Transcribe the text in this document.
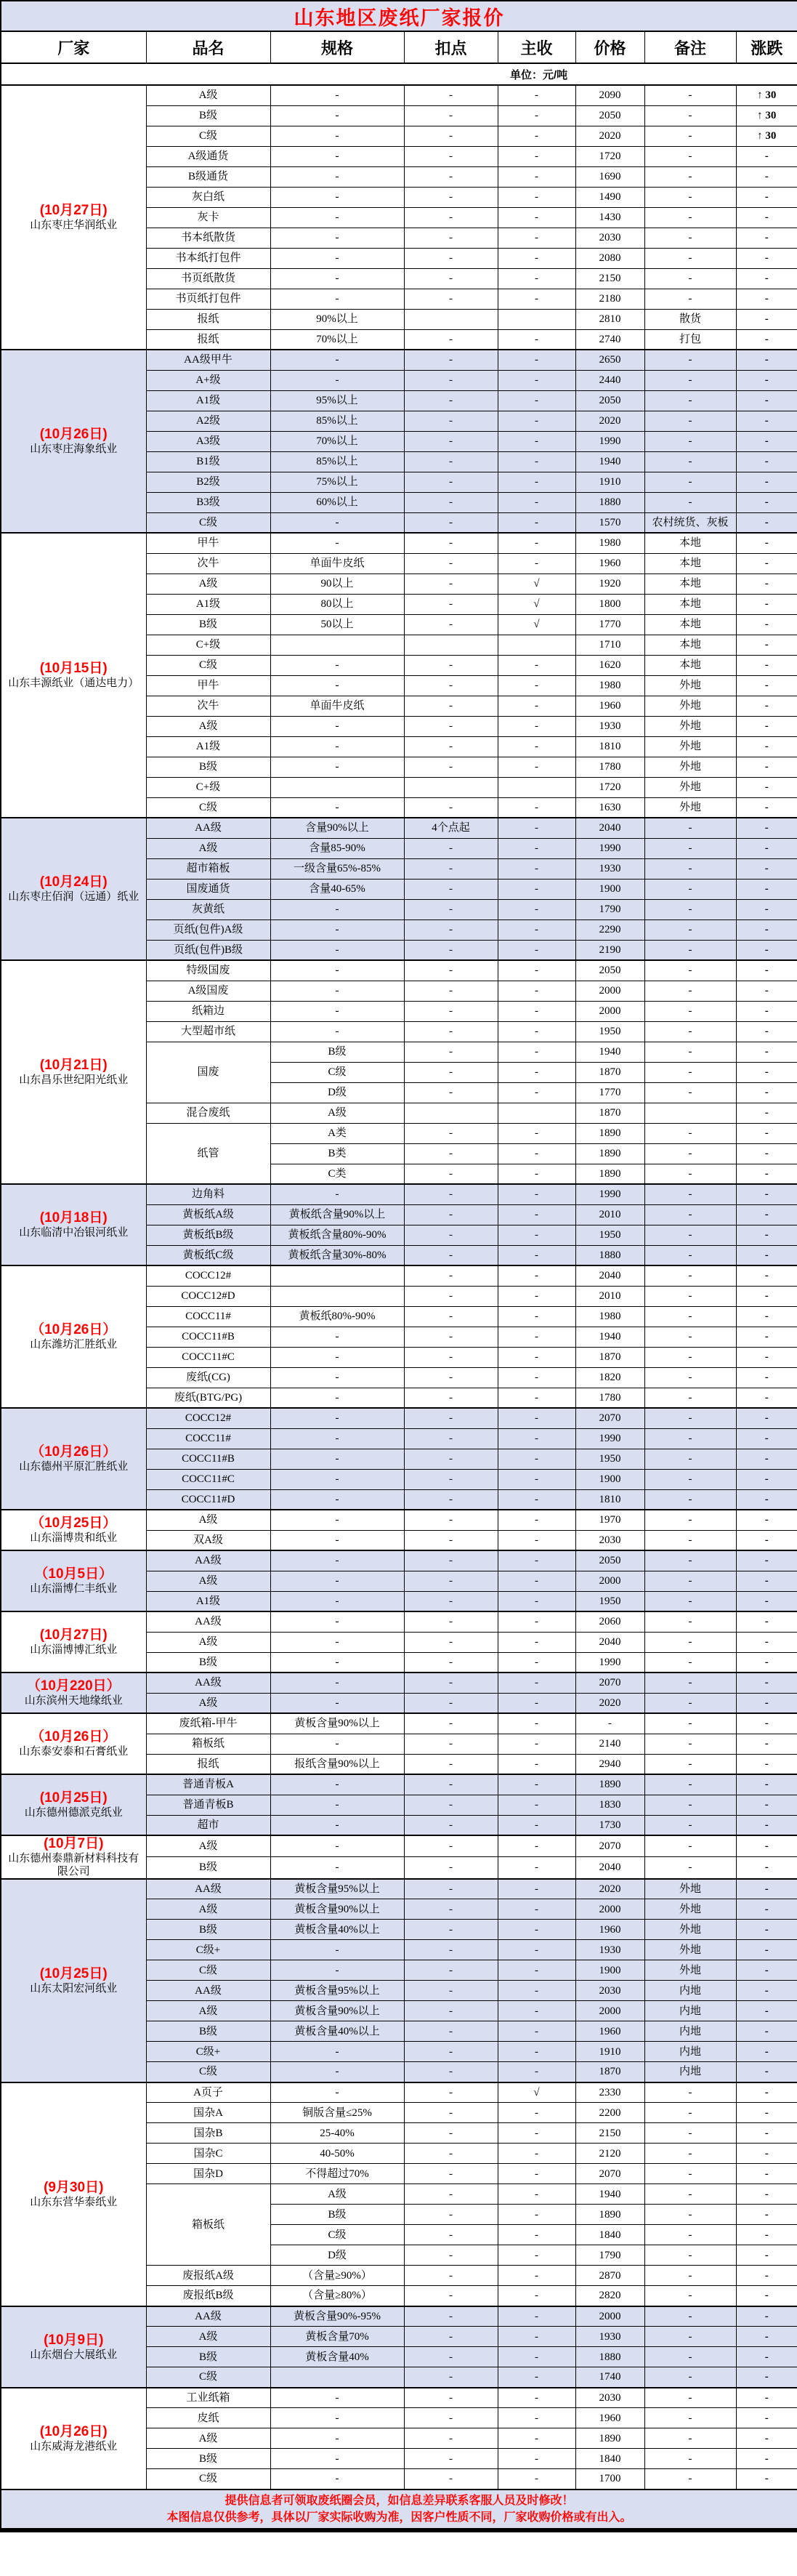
山东地区废纸厂家报价							
厂家	品名	规格	扣点	主收	价格	备注	涨跌
单位：元/吨							

(10月27日)
山东枣庄华润纸业	A级	-	-	-	2090	-	↑ 30
	B级	-	-	-	2050	-	↑ 30
	C级	-	-	-	2020	-	↑ 30
	A级通货	-	-	-	1720	-	-
	B级通货	-	-	-	1690	-	-
	灰白纸	-	-	-	1490	-	-
	灰卡	-	-	-	1430	-	-
	书本纸散货	-	-	-	2030	-	-
	书本纸打包件	-	-	-	2080	-	-
	书页纸散货	-	-	-	2150	-	-
	书页纸打包件	-	-	-	2180	-	-
	报纸	90%以上			2810	散货	-
	报纸	70%以上	-	-	2740	打包	-

(10月26日)
山东枣庄海象纸业	AA级甲牛	-	-	-	2650	-	-
	A+级	-	-	-	2440	-	-
	A1级	95%以上	-	-	2050	-	-
	A2级	85%以上	-	-	2020	-	-
	A3级	70%以上	-	-	1990	-	-
	B1级	85%以上	-	-	1940	-	-
	B2级	75%以上	-	-	1910	-	-
	B3级	60%以上	-	-	1880	-	-
	C级	-	-	-	1570	农村统货、灰板	-

(10月15日)
山东丰源纸业（通达电力）	甲牛	-	-	-	1980	本地	-
	次牛	单面牛皮纸	-	-	1960	本地	-
	A级	90以上	-	√	1920	本地	-
	A1级	80以上	-	√	1800	本地	-
	B级	50以上	-	√	1770	本地	-
	C+级				1710	本地	-
	C级	-	-	-	1620	本地	-
	甲牛	-	-	-	1980	外地	-
	次牛	单面牛皮纸	-	-	1960	外地	-
	A级	-	-	-	1930	外地	-
	A1级	-	-	-	1810	外地	-
	B级	-	-	-	1780	外地	-
	C+级				1720	外地	-
	C级	-	-	-	1630	外地	-

(10月24日)
山东枣庄佰润（远通）纸业	AA级	含量90%以上	4个点起	-	2040	-	-
	A级	含量85-90%	-	-	1990	-	-
	超市箱板	一级含量65%-85%	-	-	1930	-	-
	国废通货	含量40-65%	-	-	1900	-	-
	灰黄纸	-	-	-	1790	-	-
	页纸(包件)A级	-	-	-	2290	-	-
	页纸(包件)B级	-	-	-	2190	-	-

(10月21日)
山东昌乐世纪阳光纸业	特级国废	-	-	-	2050	-	-
	A级国废	-	-	-	2000	-	-
	纸箱边	-	-	-	2000	-	-
	大型超市纸	-	-	-	1950	-	-
	国废	B级	-	-	1940	-	-
		C级	-	-	1870	-	-
		D级	-	-	1770	-	-
	混合废纸	A级			1870		-
	纸管	A类	-	-	1890	-	-
		B类	-	-	1890	-	-
		C类	-	-	1890	-	-

(10月18日)
山东临清中冶银河纸业	边角料	-	-	-	1990	-	-
	黄板纸A级	黄板纸含量90%以上	-	-	2010	-	-
	黄板纸B级	黄板纸含量80%-90%	-	-	1950	-	-
	黄板纸C级	黄板纸含量30%-80%	-	-	1880	-	-

（10月26日）
山东潍坊汇胜纸业	COCC12#		-	-	2040	-	-
	COCC12#D		-	-	2010	-	-
	COCC11#	黄板纸80%-90%	-	-	1980	-	-
	COCC11#B	-	-	-	1940	-	-
	COCC11#C	-	-	-	1870	-	-
	废纸(CG)	-	-	-	1820	-	-
	废纸(BTG/PG)	-	-	-	1780	-	-

（10月26日）
山东德州平原汇胜纸业	COCC12#	-	-	-	2070	-	-
	COCC11#	-	-	-	1990	-	-
	COCC11#B	-	-	-	1950	-	-
	COCC11#C	-	-	-	1900	-	-
	COCC11#D	-	-	-	1810	-	-

（10月25日）
山东淄博贵和纸业	A级	-	-	-	1970	-	-
	双A级	-	-	-	2030	-	-

（10月5日）
山东淄博仁丰纸业	AA级	-	-	-	2050	-	-
	A级	-	-	-	2000	-	-
	A1级	-	-	-	1950	-	-

(10月27日)
山东淄博博汇纸业	AA级	-	-	-	2060	-	-
	A级	-	-	-	2040	-	-
	B级	-	-	-	1990	-	-

（10月220日）
山东滨州天地缘纸业	AA级	-	-	-	2070	-	-
	A级	-	-	-	2020	-	-

（10月26日）
山东泰安泰和石膏纸业	废纸箱-甲牛	黄板含量90%以上	-	-	-	-	-
	箱板纸	-	-	-	2140	-	-
	报纸	报纸含量90%以上	-	-	2940	-	-

(10月25日)
山东德州德派克纸业	普通青板A	-	-	-	1890	-	-
	普通青板B	-	-	-	1830	-	-
	超市	-	-	-	1730	-	-

(10月7日)
山东德州泰鼎新材料科技有限公司	A级	-	-	-	2070	-	-
	B级	-	-	-	2040	-	-

(10月25日)
山东太阳宏河纸业	AA级	黄板含量95%以上	-	-	2020	外地	-
	A级	黄板含量90%以上	-	-	2000	外地	-
	B级	黄板含量40%以上	-	-	1960	外地	-
	C级+	-	-	-	1930	外地	-
	C级	-	-	-	1900	外地	-
	AA级	黄板含量95%以上	-	-	2030	内地	-
	A级	黄板含量90%以上	-	-	2000	内地	-
	B级	黄板含量40%以上	-	-	1960	内地	-
	C级+	-	-	-	1910	内地	-
	C级	-	-	-	1870	内地	-

(9月30日)
山东东营华泰纸业	A页子	-	-	√	2330	-	-
	国杂A	铜版含量≤25%	-	-	2200	-	-
	国杂B	25-40%	-	-	2150	-	-
	国杂C	40-50%	-	-	2120	-	-
	国杂D	不得超过70%	-	-	2070	-	-
	箱板纸	A级	-	-	1940	-	-
		B级	-	-	1890	-	-
		C级	-	-	1840	-	-
		D级	-	-	1790	-	-
	废报纸A级	（含量≥90%）	-	-	2870	-	-
	废报纸B级	（含量≥80%）	-	-	2820	-	-

(10月9日)
山东烟台大展纸业	AA级	黄板含量90%-95%	-	-	2000	-	-
	A级	黄板含量70%	-	-	1930	-	-
	B级	黄板含量40%	-	-	1880	-	-
	C级		-	-	1740	-	-

(10月26日)
山东威海龙港纸业	工业纸箱	-	-	-	2030	-	-
	皮纸	-	-	-	1960	-	-
	A级	-	-	-	1890	-	-
	B级	-	-	-	1840	-	-
	C级	-	-	-	1700	-	-

提供信息者可领取废纸圈会员，如信息差异联系客服人员及时修改！
本图信息仅供参考，具体以厂家实际收购为准，因客户性质不同，厂家收购价格或有出入。							
